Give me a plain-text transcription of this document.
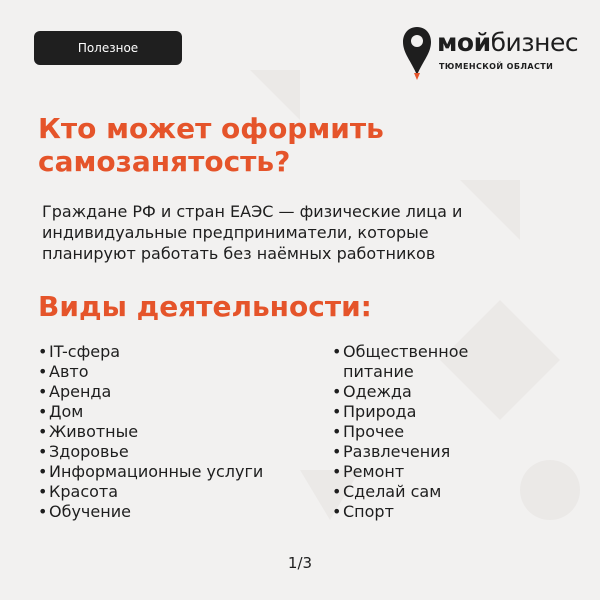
Полезное	мойбизнес
ТЮМЕНСКОЙ ОБЛАСТИ
Кто может оформить самозанятость?

Граждане РФ и стран ЕАЭС — физические лица и индивидуальные предприниматели, которые планируют работать без наёмных работников

Виды деятельности:
• IT-сфера
• Авто
• Аренда
• Дом
• Животные
• Здоровье
• Информационные услуги
• Красота
• Обучение
• Общественное питание
• Одежда
• Природа
• Прочее
• Развлечения
• Ремонт
• Сделай сам
• Спорт
1/3
